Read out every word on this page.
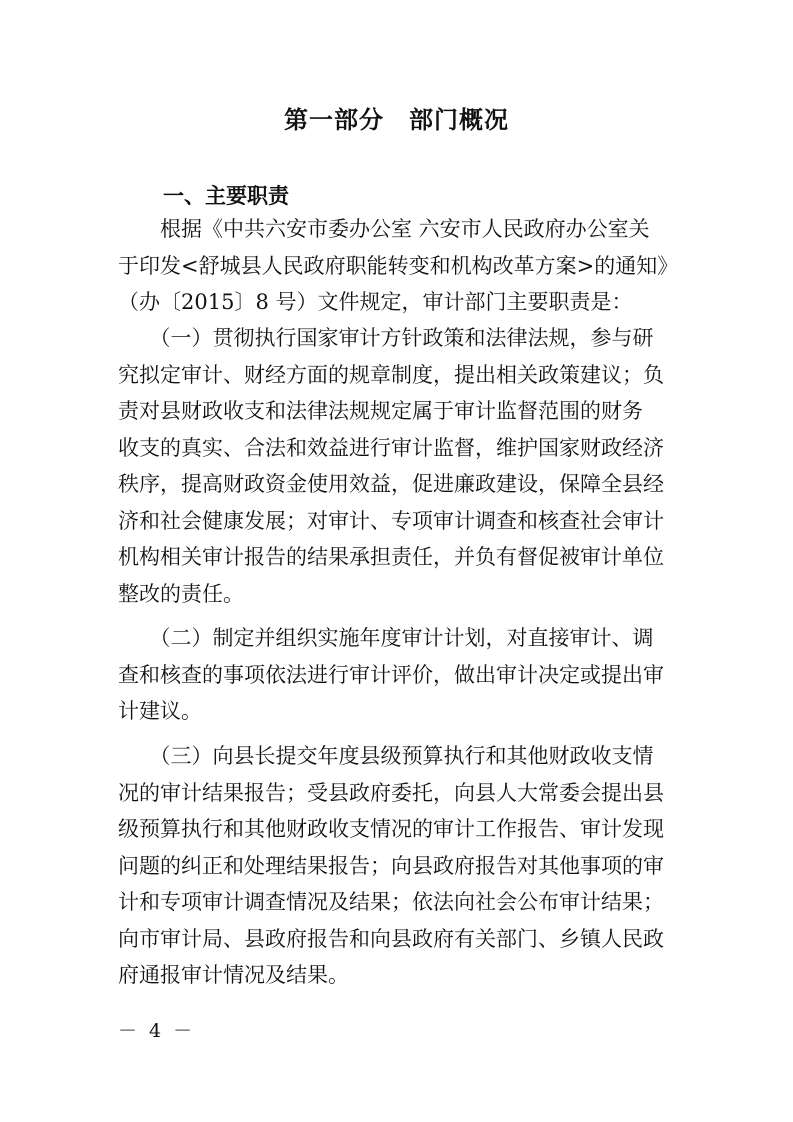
第一部分　部门概况
一、主要职责
　　根据《中共六安市委办公室 六安市人民政府办公室关
于印发<舒城县人民政府职能转变和机构改革方案>的通知》
（办〔2015〕8 号）文件规定，审计部门主要职责是：
　　（一）贯彻执行国家审计方针政策和法律法规，参与研
究拟定审计、财经方面的规章制度，提出相关政策建议；负
责对县财政收支和法律法规规定属于审计监督范围的财务
收支的真实、合法和效益进行审计监督，维护国家财政经济
秩序，提高财政资金使用效益，促进廉政建设，保障全县经
济和社会健康发展；对审计、专项审计调查和核查社会审计
机构相关审计报告的结果承担责任，并负有督促被审计单位
整改的责任。
　　（二）制定并组织实施年度审计计划，对直接审计、调
查和核查的事项依法进行审计评价，做出审计决定或提出审
计建议。
　　（三）向县长提交年度县级预算执行和其他财政收支情
况的审计结果报告；受县政府委托，向县人大常委会提出县
级预算执行和其他财政收支情况的审计工作报告、审计发现
问题的纠正和处理结果报告；向县政府报告对其他事项的审
计和专项审计调查情况及结果；依法向社会公布审计结果；
向市审计局、县政府报告和向县政府有关部门、乡镇人民政
府通报审计情况及结果。
－ 4 －
